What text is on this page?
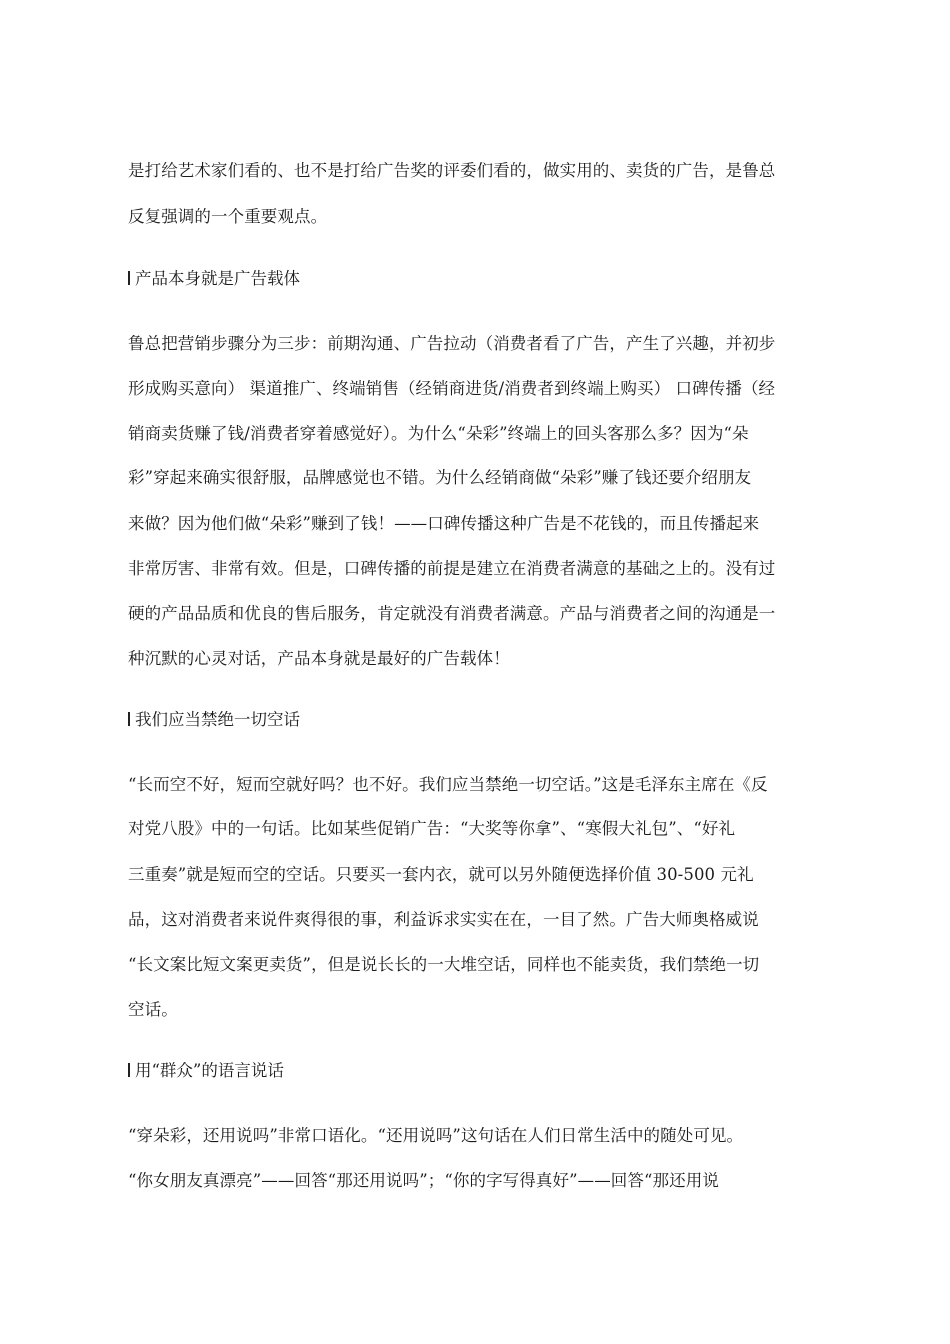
是打给艺术家们看的、也不是打给广告奖的评委们看的，做实用的、卖货的广告，是鲁总
反复强调的一个重要观点。
产品本身就是广告载体
鲁总把营销步骤分为三步：前期沟通、广告拉动（消费者看了广告，产生了兴趣，并初步
形成购买意向） 渠道推广、终端销售（经销商进货/消费者到终端上购买） 口碑传播（经
销商卖货赚了钱/消费者穿着感觉好）。为什么“朵彩”终端上的回头客那么多？因为“朵
彩”穿起来确实很舒服，品牌感觉也不错。为什么经销商做“朵彩”赚了钱还要介绍朋友
来做？因为他们做“朵彩”赚到了钱！——口碑传播这种广告是不花钱的，而且传播起来
非常厉害、非常有效。但是，口碑传播的前提是建立在消费者满意的基础之上的。没有过
硬的产品品质和优良的售后服务，肯定就没有消费者满意。产品与消费者之间的沟通是一
种沉默的心灵对话，产品本身就是最好的广告载体！
我们应当禁绝一切空话
“长而空不好，短而空就好吗？也不好。我们应当禁绝一切空话。”这是毛泽东主席在《反
对党八股》中的一句话。比如某些促销广告：“大奖等你拿”、“寒假大礼包”、“好礼
三重奏”就是短而空的空话。只要买一套内衣，就可以另外随便选择价值 30-500 元礼
品，这对消费者来说件爽得很的事，利益诉求实实在在，一目了然。广告大师奥格威说
“长文案比短文案更卖货”，但是说长长的一大堆空话，同样也不能卖货，我们禁绝一切
空话。
用“群众”的语言说话
“穿朵彩，还用说吗”非常口语化。“还用说吗”这句话在人们日常生活中的随处可见。
“你女朋友真漂亮”——回答“那还用说吗”；“你的字写得真好”——回答“那还用说
